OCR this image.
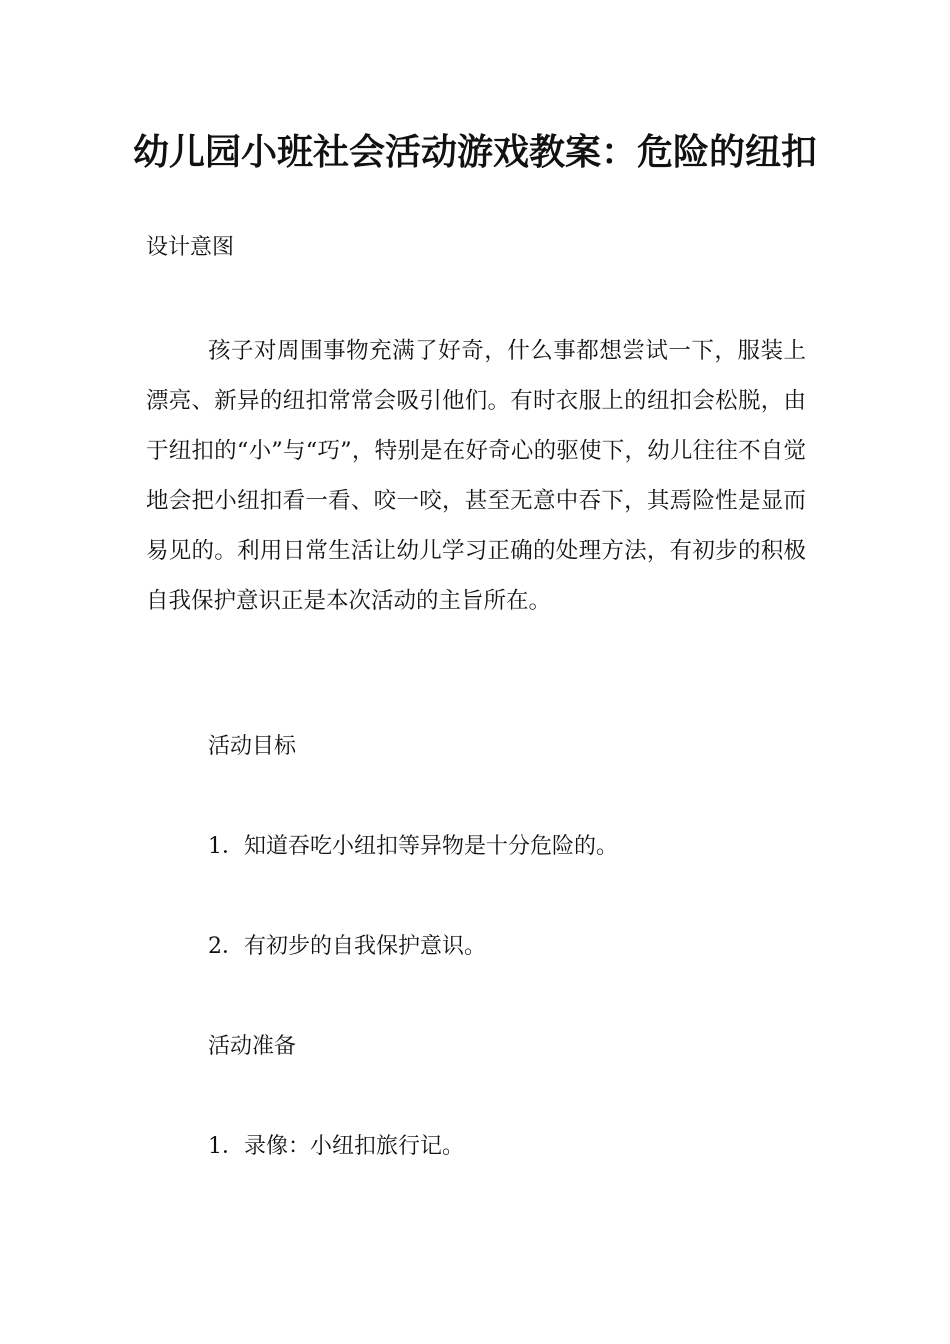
幼儿园小班社会活动游戏教案：危险的纽扣

设计意图

孩子对周围事物充满了好奇，什么事都想尝试一下，服装上漂亮、新异的纽扣常常会吸引他们。有时衣服上的纽扣会松脱，由于纽扣的“小”与“巧”，特别是在好奇心的驱使下，幼儿往往不自觉地会把小纽扣看一看、咬一咬，甚至无意中吞下，其焉险性是显而易见的。利用日常生活让幼儿学习正确的处理方法，有初步的积极自我保护意识正是本次活动的主旨所在。

活动目标

1．知道吞吃小纽扣等异物是十分危险的。

2．有初步的自我保护意识。

活动准备

1．录像：小纽扣旅行记。
